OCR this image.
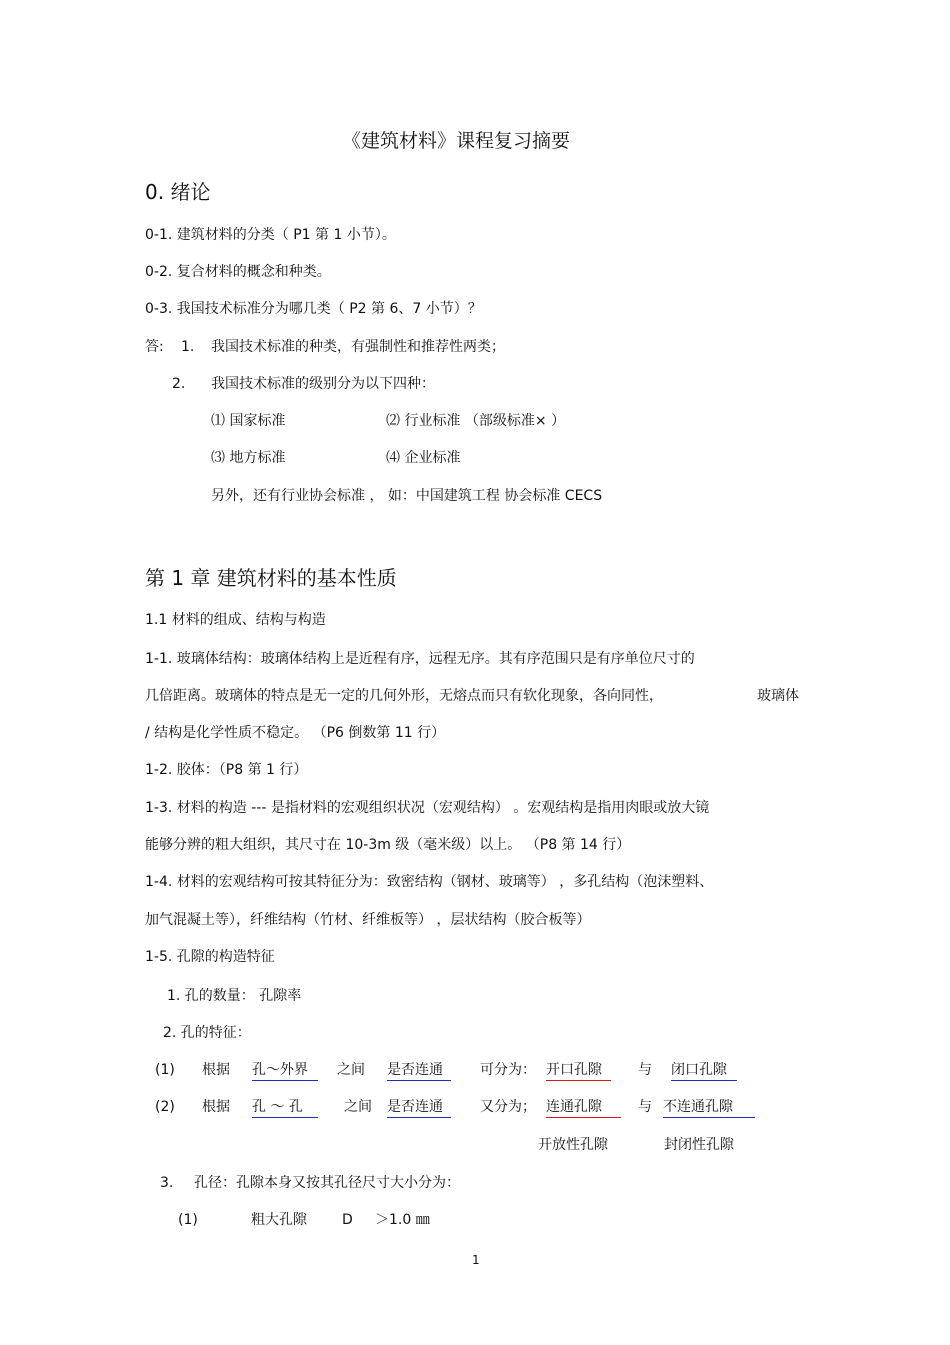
《建筑材料》课程复习摘要
0. 绪论
0-1. 建筑材料的分类（ P1 第 1 小节）。
0-2. 复合材料的概念和种类。
0-3. 我国技术标准分为哪几类（ P2 第 6、7 小节）？
答: 1. 我国技术标准的种类，有强制性和推荐性两类；
2. 我国技术标准的级别分为以下四种：
⑴ 国家标准	⑵ 行业标准 （部级标准× ）
⑶ 地方标准	⑷ 企业标准
另外，还有行业协会标准 ， 如：中国建筑工程 协会标准 CECS
第 1 章 建筑材料的基本性质
1.1 材料的组成、结构与构造
1-1. 玻璃体结构：玻璃体结构上是近程有序，远程无序。其有序范围只是有序单位尺寸的
几倍距离。玻璃体的特点是无一定的几何外形，无熔点而只有软化现象，各向同性，	玻璃体
/ 结构是化学性质不稳定。 （P6 倒数第 11 行）
1-2. 胶体：（P8 第 1 行）
1-3. 材料的构造 --- 是指材料的宏观组织状况（宏观结构） 。宏观结构是指用肉眼或放大镜
能够分辨的粗大组织，其尺寸在 10-3m 级（毫米级）以上。 （P8 第 14 行）
1-4. 材料的宏观结构可按其特征分为：致密结构（钢材、玻璃等） ，多孔结构（泡沫塑料、
加气混凝土等），纤维结构（竹材、纤维板等） ，层状结构（胶合板等）
1-5. 孔隙的构造特征
1. 孔的数量： 孔隙率
2. 孔的特征：
(1) 根据 孔～外界	之间 是否连通	可分为： 开口孔隙	与 闭口孔隙
(2) 根据 孔 ～ 孔	之间 是否连通	又分为； 连通孔隙	与 不连通孔隙
开放性孔隙	封闭性孔隙
3. 孔径：孔隙本身又按其孔径尺寸大小分为：
(1)	粗大孔隙	D ＞1.0 ㎜
1
